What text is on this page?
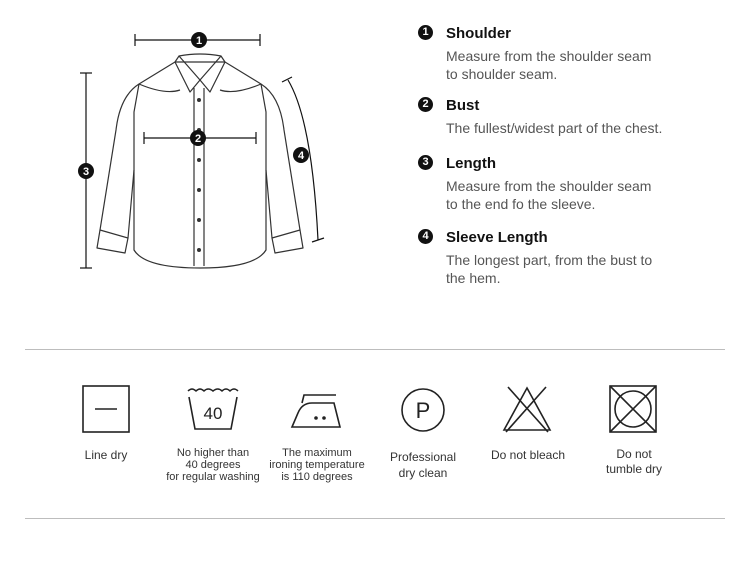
1
2
3
4
1 Shoulder
Measure from the shoulder seam
to shoulder seam.
2 Bust
The fullest/widest part of the chest.
3 Length
Measure from the shoulder seam
to the end fo the sleeve.
4 Sleeve Length
The longest part, from the bust to
the hem.
40	P
Line dry	No higher than
40 degrees
for regular washing
The maximum
ironing temperature
is 110 degrees
Professional
dry clean
Do not bleach	Do not
tumble dry
